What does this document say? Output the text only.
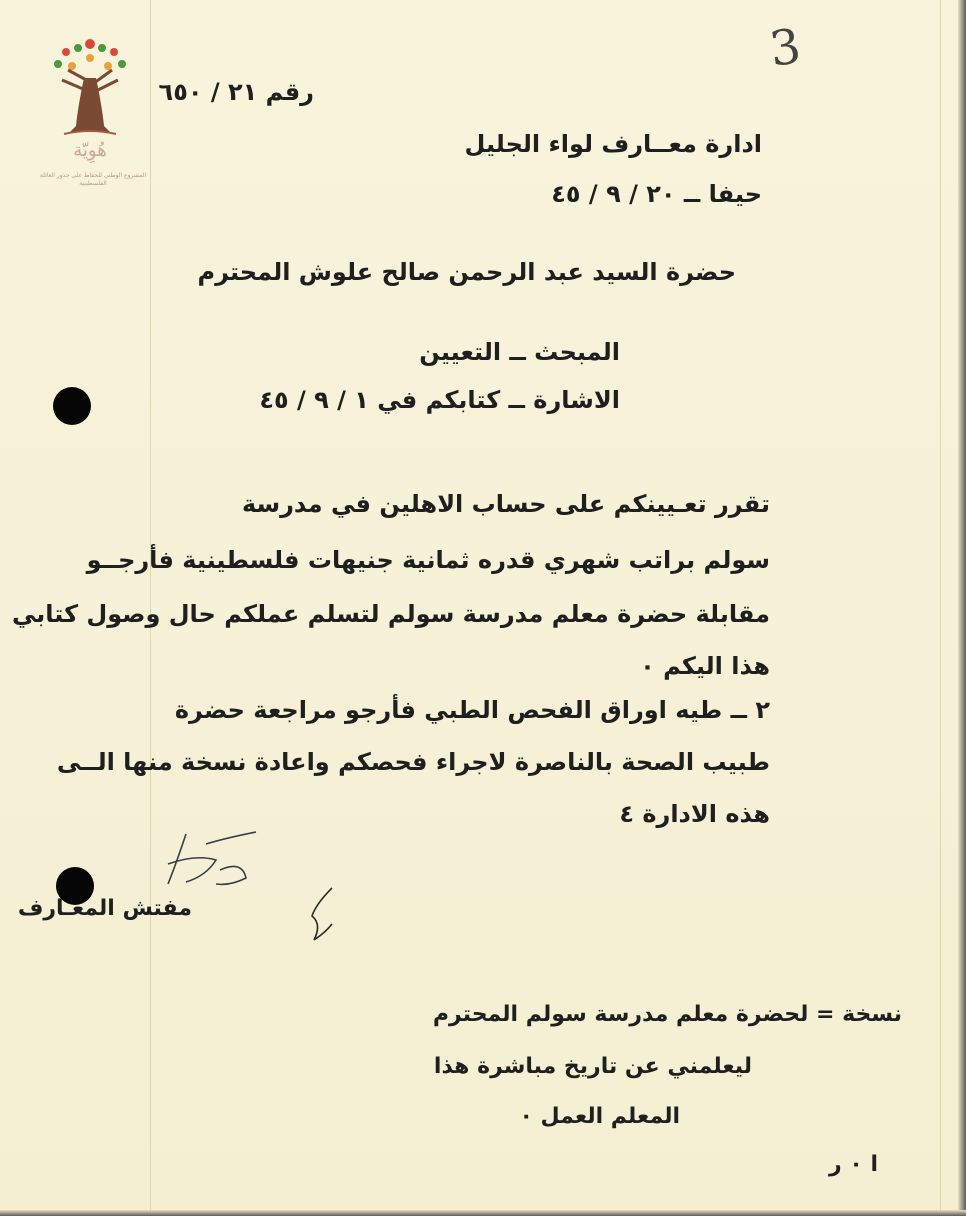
3
هُوِيّة
المشروع الوطني للحفاظ على جذور العائلة الفلسطينية
رقم ٢١ / ٦٥٠
ادارة معــارف لواء الجليل
حيفا ــ ٢٠ / ٩ / ٤٥
حضرة السيد عبد الرحمن صالح علوش المحترم
المبحث ــ التعيين
الاشارة ــ كتابكم في ١ / ٩ / ٤٥
تقرر تعـيينكم على حساب الاهلين في مدرسة
سولم براتب شهري قدره ثمانية جنيهات فلسطينية فأرجــو
مقابلة حضرة معلم مدرسة سولم لتسلم عملكم حال وصول كتابي
هذا اليكم ٠
٢ ــ طيه اوراق الفحص الطبي فأرجو مراجعة حضرة
طبيب الصحة بالناصرة لاجراء فحصكم واعادة نسخة منها الــى
هذه الادارة ٤
مفتش المعـارف
نسخة = لحضرة معلم مدرسة سولم المحترم
ليعلمني عن تاريخ مباشرة هذا
المعلم العمل ٠
ا ٠ ر
